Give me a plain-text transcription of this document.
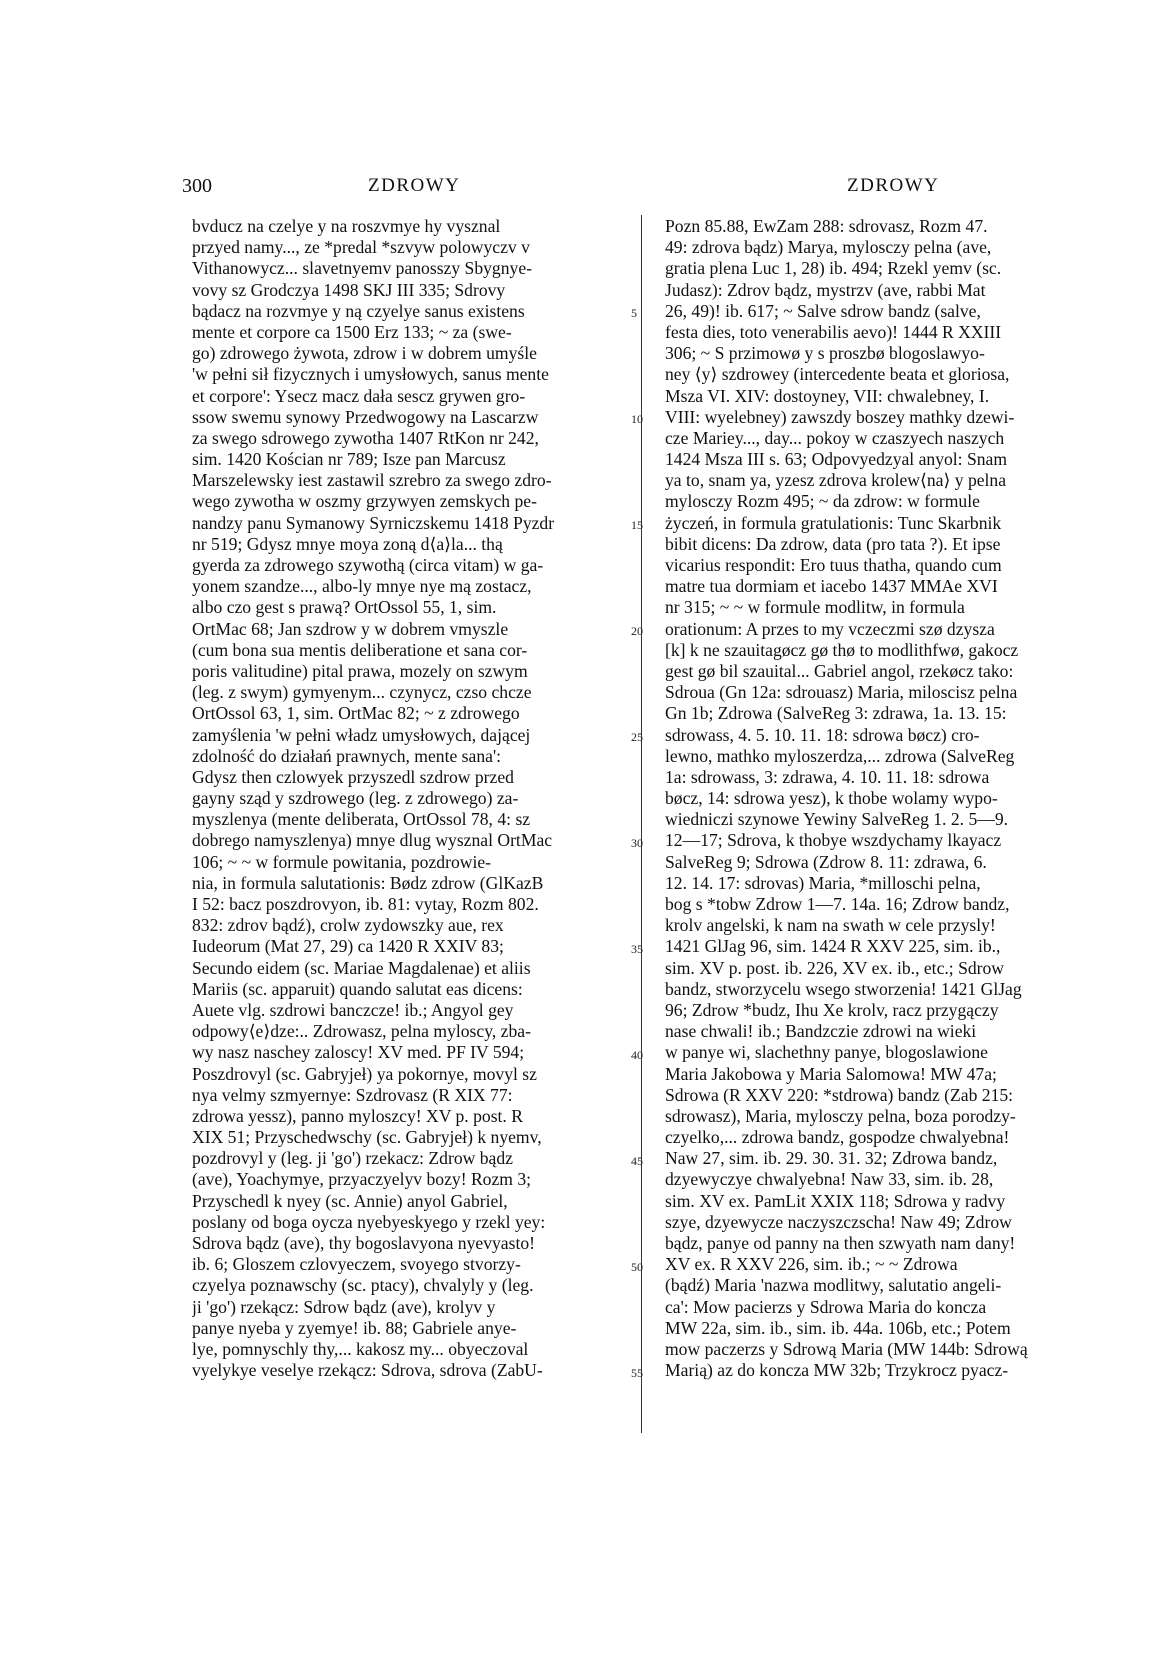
300	ZDROWY	ZDROWY
bvducz na czelye y na roszvmye hy vysznal
przyed namy..., ze *predal *szvyw polowyczv v
Vithanowycz... slavetnyemv panosszy Sbygnye-
vovy sz Grodczya 1498 SKJ III 335; Sdrovy
bądacz na rozvmye y ną czyelye sanus existens
mente et corpore ca 1500 Erz 133; ~ za (swe-
go) zdrowego żywota, zdrow i w dobrem umyśle
'w pełni sił fizycznych i umysłowych, sanus mente
et corpore': Ysecz macz dała sescz grywen gro-
ssow swemu synowy Przedwogowy na Lascarzw
za swego sdrowego zywotha 1407 RtKon nr 242,
sim. 1420 Kościan nr 789; Isze pan Marcusz
Marszelewsky iest zastawil szrebro za swego zdro-
wego zywotha w oszmy grzywyen zemskych pe-
nandzy panu Symanowy Syrniczskemu 1418 Pyzdr
nr 519; Gdysz mnye moya zoną d⟨a⟩la... thą
gyerda za zdrowego szywothą (circa vitam) w ga-
yonem szandze..., albo-ly mnye nye mą zostacz,
albo czo gest s prawą? OrtOssol 55, 1, sim.
OrtMac 68; Jan szdrow y w dobrem vmyszle
(cum bona sua mentis deliberatione et sana cor-
poris valitudine) pital prawa, mozely on szwym
(leg. z swym) gymyenym... czynycz, czso chcze
OrtOssol 63, 1, sim. OrtMac 82; ~ z zdrowego
zamyślenia 'w pełni władz umysłowych, dającej
zdolność do działań prawnych, mente sana':
Gdysz then czlowyek przyszedl szdrow przed
gayny sząd y szdrowego (leg. z zdrowego) za-
myszlenya (mente deliberata, OrtOssol 78, 4: sz
dobrego namyszlenya) mnye dlug wysznal OrtMac
106; ~ ~ w formule powitania, pozdrowie-
nia, in formula salutationis: Bødz zdrow (GlKazB
I 52: bacz poszdrovyon, ib. 81: vytay, Rozm 802.
832: zdrov bądź), crolw zydowszky aue, rex
Iudeorum (Mat 27, 29) ca 1420 R XXIV 83;
Secundo eidem (sc. Mariae Magdalenae) et aliis
Mariis (sc. apparuit) quando salutat eas dicens:
Auete vlg. szdrowi banczcze! ib.; Angyol gey
odpowy⟨e⟩dze:.. Zdrowasz, pelna myloscy, zba-
wy nasz naschey zaloscy! XV med. PF IV 594;
Poszdrovyl (sc. Gabryjeł) ya pokornye, movyl sz
nya velmy szmyernye: Szdrovasz (R XIX 77:
zdrowa yessz), panno myloszcy! XV p. post. R
XIX 51; Przyschedwschy (sc. Gabryjeł) k nyemv,
pozdrovyl y (leg. ji 'go') rzekacz: Zdrow bądz
(ave), Yoachymye, przyaczyelyv bozy! Rozm 3;
Przyschedl k nyey (sc. Annie) anyol Gabriel,
poslany od boga oycza nyebyeskyego y rzekl yey:
Sdrova bądz (ave), thy bogoslavyona nyevyasto!
ib. 6; Gloszem czlovyeczem, svoyego stvorzy-
czyelya poznawschy (sc. ptacy), chvalyly y (leg.
ji 'go') rzekącz: Sdrow bądz (ave), krolyv y
panye nyeba y zyemye! ib. 88; Gabriele anye-
lye, pomnyschly thy,... kakosz my... obyeczoval
vyelykye veselye rzekącz: Sdrova, sdrova (ZabU-
5
10
15
20
25
30
35
40
45
50
55
Pozn 85.88, EwZam 288: sdrovasz, Rozm 47.
49: zdrova bądz) Marya, mylosczy pelna (ave,
gratia plena Luc 1, 28) ib. 494; Rzekl yemv (sc.
Judasz): Zdrov bądz, mystrzv (ave, rabbi Mat
26, 49)! ib. 617; ~ Salve sdrow bandz (salve,
festa dies, toto venerabilis aevo)! 1444 R XXIII
306; ~ S przimowø y s proszbø blogoslawyo-
ney ⟨y⟩ szdrowey (intercedente beata et gloriosa,
Msza VI. XIV: dostoyney, VII: chwalebney, I.
VIII: wyelebney) zawszdy boszey mathky dzewi-
cze Mariey..., day... pokoy w czaszyech naszych
1424 Msza III s. 63; Odpovyedzyal anyol: Snam
ya to, snam ya, yzesz zdrova krolew⟨na⟩ y pelna
mylosczy Rozm 495; ~ da zdrow: w formule
życzeń, in formula gratulationis: Tunc Skarbnik
bibit dicens: Da zdrow, data (pro tata ?). Et ipse
vicarius respondit: Ero tuus thatha, quando cum
matre tua dormiam et iacebo 1437 MMAe XVI
nr 315; ~ ~ w formule modlitw, in formula
orationum: A przes to my vczeczmi szø dzysza
[k] k ne szauitagøcz gø thø to modlithfwø, gakocz
gest gø bil szauital... Gabriel angol, rzekøcz tako:
Sdroua (Gn 12a: sdrouasz) Maria, miloscisz pelna
Gn 1b; Zdrowa (SalveReg 3: zdrawa, 1a. 13. 15:
sdrowass, 4. 5. 10. 11. 18: sdrowa bøcz) cro-
lewno, mathko myloszerdza,... zdrowa (SalveReg
1a: sdrowass, 3: zdrawa, 4. 10. 11. 18: sdrowa
bøcz, 14: sdrowa yesz), k thobe wolamy wypo-
wiedniczi szynowe Yewiny SalveReg 1. 2. 5—9.
12—17; Sdrova, k thobye wszdychamy lkayacz
SalveReg 9; Sdrowa (Zdrow 8. 11: zdrawa, 6.
12. 14. 17: sdrovas) Maria, *milloschi pelna,
bog s *tobw Zdrow 1—7. 14a. 16; Zdrow bandz,
krolv angelski, k nam na swath w cele przysly!
1421 GlJag 96, sim. 1424 R XXV 225, sim. ib.,
sim. XV p. post. ib. 226, XV ex. ib., etc.; Sdrow
bandz, stworzycelu wsego stworzenia! 1421 GlJag
96; Zdrow *budz, Ihu Xe krolv, racz przygączy
nase chwali! ib.; Bandzczie zdrowi na wieki
w panye wi, slachethny panye, blogoslawione
Maria Jakobowa y Maria Salomowa! MW 47a;
Sdrowa (R XXV 220: *stdrowa) bandz (Zab 215:
sdrowasz), Maria, mylosczy pelna, boza porodzy-
czyelko,... zdrowa bandz, gospodze chwalyebna!
Naw 27, sim. ib. 29. 30. 31. 32; Zdrowa bandz,
dzyewyczye chwalyebna! Naw 33, sim. ib. 28,
sim. XV ex. PamLit XXIX 118; Sdrowa y radvy
szye, dzyewycze naczyszczscha! Naw 49; Zdrow
bądz, panye od panny na then szwyath nam dany!
XV ex. R XXV 226, sim. ib.; ~ ~ Zdrowa
(bądź) Maria 'nazwa modlitwy, salutatio angeli-
ca': Mow pacierzs y Sdrowa Maria do koncza
MW 22a, sim. ib., sim. ib. 44a. 106b, etc.; Potem
mow paczerzs y Sdrową Maria (MW 144b: Sdrową
Marią) az do koncza MW 32b; Trzykrocz pyacz-
